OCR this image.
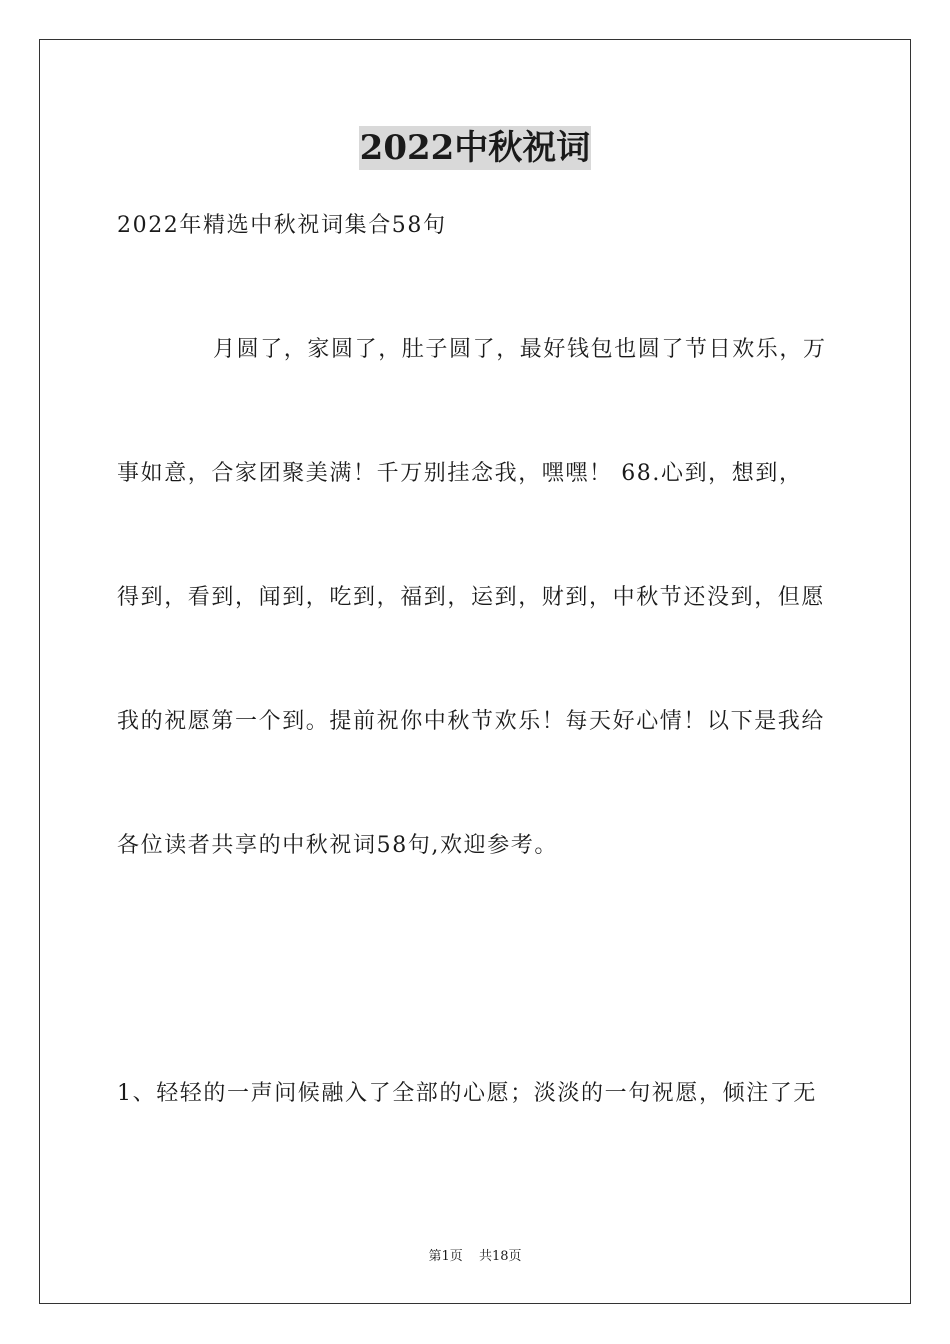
2022中秋祝词
2022年精选中秋祝词集合58句
月圆了，家圆了，肚子圆了，最好钱包也圆了节日欢乐，万
事如意，合家团聚美满！千万别挂念我，嘿嘿！ 68.心到，想到，
得到，看到，闻到，吃到，福到，运到，财到，中秋节还没到，但愿
我的祝愿第一个到。提前祝你中秋节欢乐！每天好心情！以下是我给
各位读者共享的中秋祝词58句,欢迎参考。
1、轻轻的一声问候融入了全部的心愿；淡淡的一句祝愿，倾注了无
第1页 共18页
